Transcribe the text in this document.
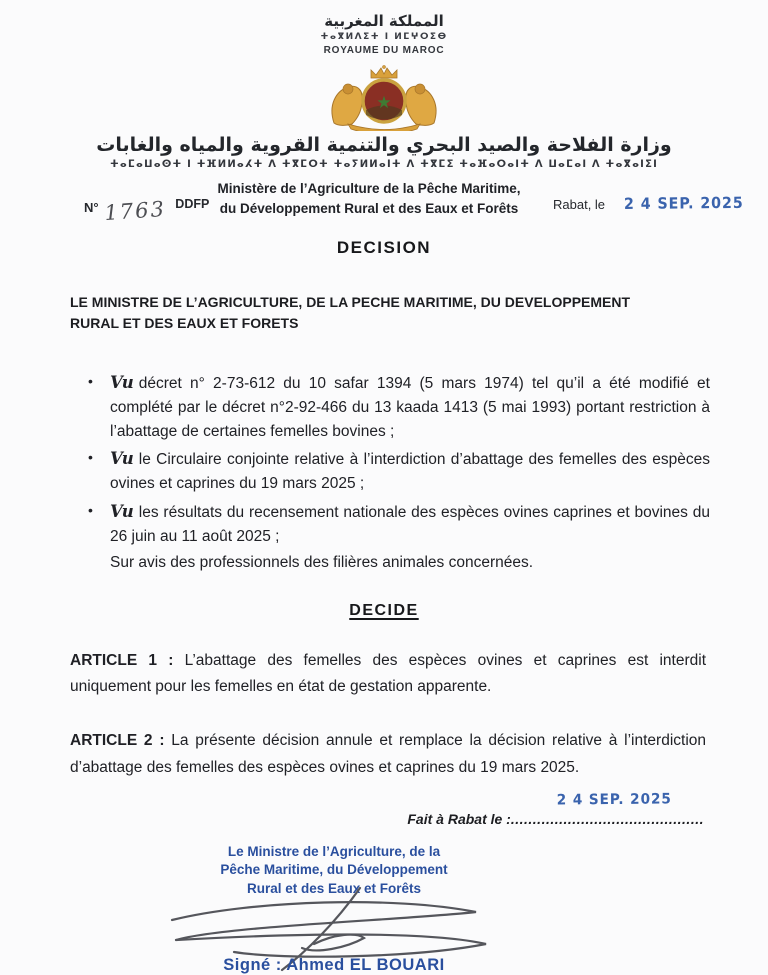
المملكة المغربية
ⵜⴰⴳⵍⴷⵉⵜ ⵏ ⵍⵎⵖⵔⵉⴱ
ROYAUME DU MAROC
★
وزارة الفلاحة والصيد البحري والتنمية القروية والمياه والغابات
ⵜⴰⵎⴰⵡⴰⵙⵜ ⵏ ⵜⴼⵍⵍⴰⵃⵜ ⴷ ⵜⴳⵎⵔⵜ ⵜⴰⵢⵍⵍⴰⵏⵜ ⴷ ⵜⴳⵎⵉ ⵜⴰⴼⴰⵔⴰⵏⵜ ⴷ ⵡⴰⵎⴰⵏ ⴷ ⵜⴰⴳⴰⵏⵉⵏ
N° 1763 DDFP
Ministère de l’Agriculture de la Pêche Maritime,
du Développement Rural et des Eaux et Forêts	Rabat, le 2 4 SEP. 2025
DECISION
LE MINISTRE DE L’AGRICULTURE, DE LA PECHE MARITIME, DU DEVELOPPEMENT
RURAL ET DES EAUX ET FORETS
•	Vu décret n° 2-73-612 du 10 safar 1394 (5 mars 1974) tel qu’il a été modifié et complété par le décret n°2-92-466 du 13 kaada 1413 (5 mai 1993) portant restriction à l’abattage de certaines femelles bovines ;
•	Vu le Circulaire conjointe relative à l’interdiction d’abattage des femelles des espèces ovines et caprines du 19 mars 2025 ;
•	Vu les résultats du recensement nationale des espèces ovines caprines et bovines du 26 juin au 11 août 2025 ;
Sur avis des professionnels des filières animales concernées.
DECIDE
ARTICLE 1 : L’abattage des femelles des espèces ovines et caprines est interdit uniquement pour les femelles en état de gestation apparente.
ARTICLE 2 : La présente décision annule et remplace la décision relative à l’interdiction d’abattage des femelles des espèces ovines et caprines du 19 mars 2025.
2 4 SEP. 2025
Fait à Rabat le :............................................
Le Ministre de l’Agriculture, de la
Pêche Maritime, du Développement
Rural et des Eaux et Forêts
Signé : Ahmed EL BOUARI
